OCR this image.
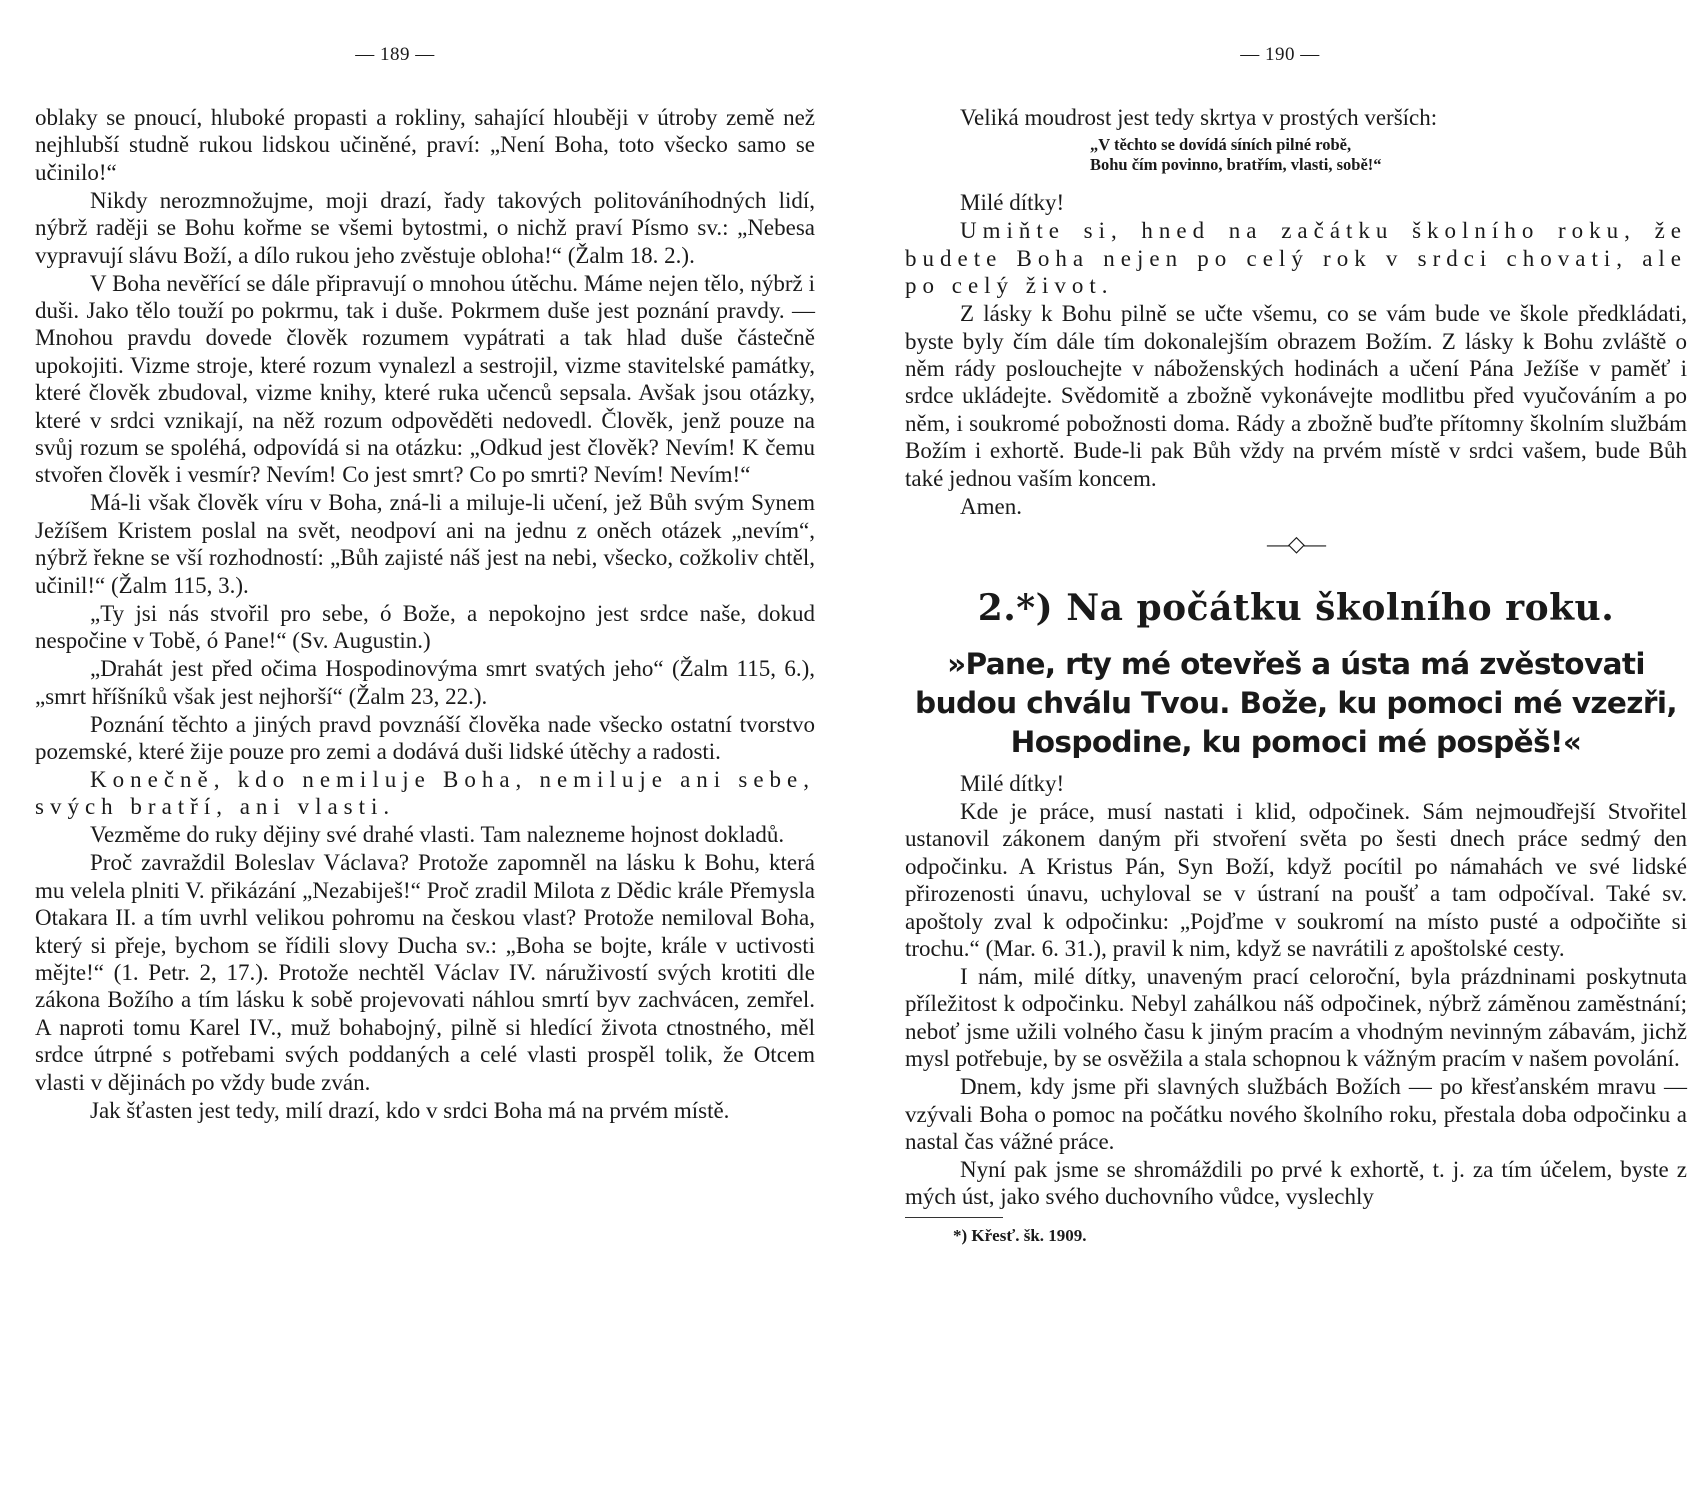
— 189 —

oblaky se pnoucí, hluboké propasti a rokliny, sahající hlouběji v útroby země než nejhlubší studně rukou lidskou učiněné, praví: „Není Boha, toto všecko samo se učinilo!“

Nikdy nerozmnožujme, moji drazí, řady takových politováníhodných lidí, nýbrž raději se Bohu kořme se všemi bytostmi, o nichž praví Písmo sv.: „Nebesa vypravují slávu Boží, a dílo rukou jeho zvěstuje obloha!“ (Žalm 18. 2.).

V Boha nevěřící se dále připravují o mnohou útěchu. Máme nejen tělo, nýbrž i duši. Jako tělo touží po pokrmu, tak i duše. Pokrmem duše jest poznání pravdy. — Mnohou pravdu dovede člověk rozumem vypátrati a tak hlad duše částečně upokojiti. Vizme stroje, které rozum vynalezl a sestrojil, vizme stavitelské památky, které člověk zbudoval, vizme knihy, které ruka učenců sepsala. Avšak jsou otázky, které v srdci vznikají, na něž rozum odpověděti nedovedl. Člověk, jenž pouze na svůj rozum se spoléhá, odpovídá si na otázku: „Odkud jest člověk? Nevím! K čemu stvořen člověk i vesmír? Nevím! Co jest smrt? Co po smrti? Nevím! Nevím!“

Má-li však člověk víru v Boha, zná-li a miluje-li učení, jež Bůh svým Synem Ježíšem Kristem poslal na svět, neodpoví ani na jednu z oněch otázek „nevím“, nýbrž řekne se vší rozhodností: „Bůh zajisté náš jest na nebi, všecko, cožkoliv chtěl, učinil!“ (Žalm 115, 3.).

„Ty jsi nás stvořil pro sebe, ó Bože, a nepokojno jest srdce naše, dokud nespočine v Tobě, ó Pane!“ (Sv. Augustin.)

„Drahát jest před očima Hospodinovýma smrt svatých jeho“ (Žalm 115, 6.), „smrt hříšníků však jest nejhorší“ (Žalm 23, 22.).

Poznání těchto a jiných pravd povznáší člověka nade všecko ostatní tvorstvo pozemské, které žije pouze pro zemi a dodává duši lidské útěchy a radosti.

Konečně, kdo nemiluje Boha, nemiluje ani sebe, svých bratří, ani vlasti.

Vezměme do ruky dějiny své drahé vlasti. Tam nalezneme hojnost dokladů.

Proč zavraždil Boleslav Václava? Protože zapomněl na lásku k Bohu, která mu velela plniti V. přikázání „Nezabiješ!“ Proč zradil Milota z Dědic krále Přemysla Otakara II. a tím uvrhl velikou pohromu na českou vlast? Protože nemiloval Boha, který si přeje, bychom se řídili slovy Ducha sv.: „Boha se bojte, krále v uctivosti mějte!“ (1. Petr. 2, 17.). Protože nechtěl Václav IV. náruživostí svých krotiti dle zákona Božího a tím lásku k sobě projevovati náhlou smrtí byv zachvácen, zemřel. A naproti tomu Karel IV., muž bohabojný, pilně si hledící života ctnostného, měl srdce útrpné s potřebami svých poddaných a celé vlasti prospěl tolik, že Otcem vlasti v dějinách po vždy bude zván.

Jak šťasten jest tedy, milí drazí, kdo v srdci Boha má na prvém místě.

— 190 —

Veliká moudrost jest tedy skrtya v prostých verších:

„V těchto se dovídá síních pilné robě,
Bohu čím povinno, bratřím, vlasti, sobě!“

Milé dítky!

Umiňte si, hned na začátku školního roku, že budete Boha nejen po celý rok v srdci chovati, ale po celý život.

Z lásky k Bohu pilně se učte všemu, co se vám bude ve škole předkládati, byste byly čím dále tím dokonalejším obrazem Božím. Z lásky k Bohu zvláště o něm rády poslouchejte v náboženských hodinách a učení Pána Ježíše v paměť i srdce ukládejte. Svědomitě a zbožně vykonávejte modlitbu před vyučováním a po něm, i soukromé pobožnosti doma. Rády a zbožně buďte přítomny školním službám Božím i exhortě. Bude-li pak Bůh vždy na prvém místě v srdci vašem, bude Bůh také jednou vaším koncem.

Amen.

—◇—
2.*) Na počátku školního roku.
»Pane, rty mé otevřeš a ústa má zvěstovati budou chválu Tvou. Bože, ku pomoci mé vzezři, Hospodine, ku pomoci mé pospěš!«

Milé dítky!

Kde je práce, musí nastati i klid, odpočinek. Sám nejmoudřejší Stvořitel ustanovil zákonem daným při stvoření světa po šesti dnech práce sedmý den odpočinku. A Kristus Pán, Syn Boží, když pocítil po námahách ve své lidské přirozenosti únavu, uchyloval se v ústraní na poušť a tam odpočíval. Také sv. apoštoly zval k odpočinku: „Pojďme v soukromí na místo pusté a odpočiňte si trochu.“ (Mar. 6. 31.), pravil k nim, když se navrátili z apoštolské cesty.

I nám, milé dítky, unaveným prací celoroční, byla prázdninami poskytnuta příležitost k odpočinku. Nebyl zahálkou náš odpočinek, nýbrž záměnou zaměstnání; neboť jsme užili volného času k jiným pracím a vhodným nevinným zábavám, jichž mysl potřebuje, by se osvěžila a stala schopnou k vážným pracím v našem povolání.

Dnem, kdy jsme při slavných službách Božích — po křesťanském mravu — vzývali Boha o pomoc na počátku nového školního roku, přestala doba odpočinku a nastal čas vážné práce.

Nyní pak jsme se shromáždili po prvé k exhortě, t. j. za tím účelem, byste z mých úst, jako svého duchovního vůdce, vyslechly

*) Křesť. šk. 1909.
